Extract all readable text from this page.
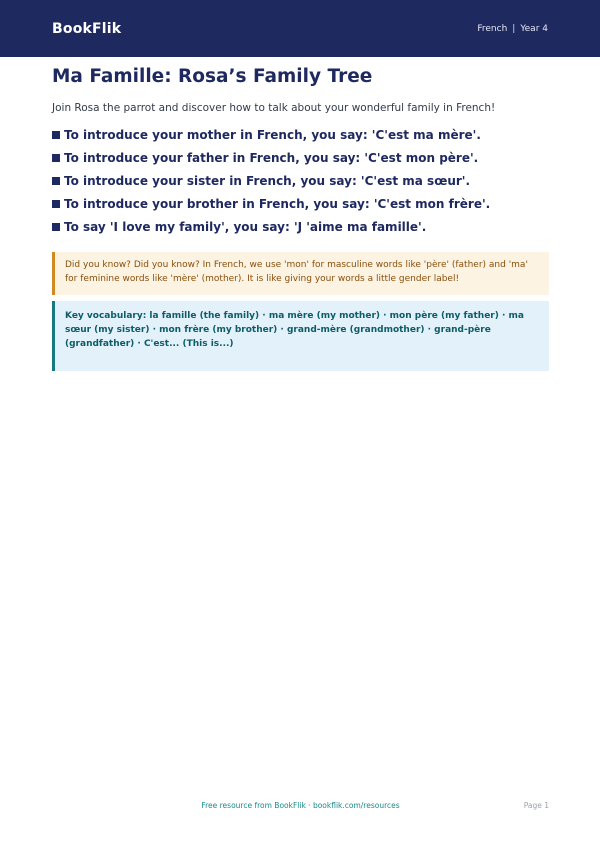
BookFlik	French | Year 4
Ma Famille: Rosa’s Family Tree

Join Rosa the parrot and discover how to talk about your wonderful family in French!

To introduce your mother in French, you say: 'C'est ma mère'.
To introduce your father in French, you say: 'C'est mon père'.
To introduce your sister in French, you say: 'C'est ma sœur'.
To introduce your brother in French, you say: 'C'est mon frère'.
To say 'I love my family', you say: 'J 'aime ma famille'.
Did you know? Did you know? In French, we use 'mon' for masculine words like 'père' (father) and 'ma' for feminine words like 'mère' (mother). It is like giving your words a little gender label!
Key vocabulary: la famille (the family) · ma mère (my mother) · mon père (my father) · ma sœur (my sister) · mon frère (my brother) · grand-mère (grandmother) · grand-père (grandfather) · C'est... (This is...)
Free resource from BookFlik · bookflik.com/resources	Page 1
